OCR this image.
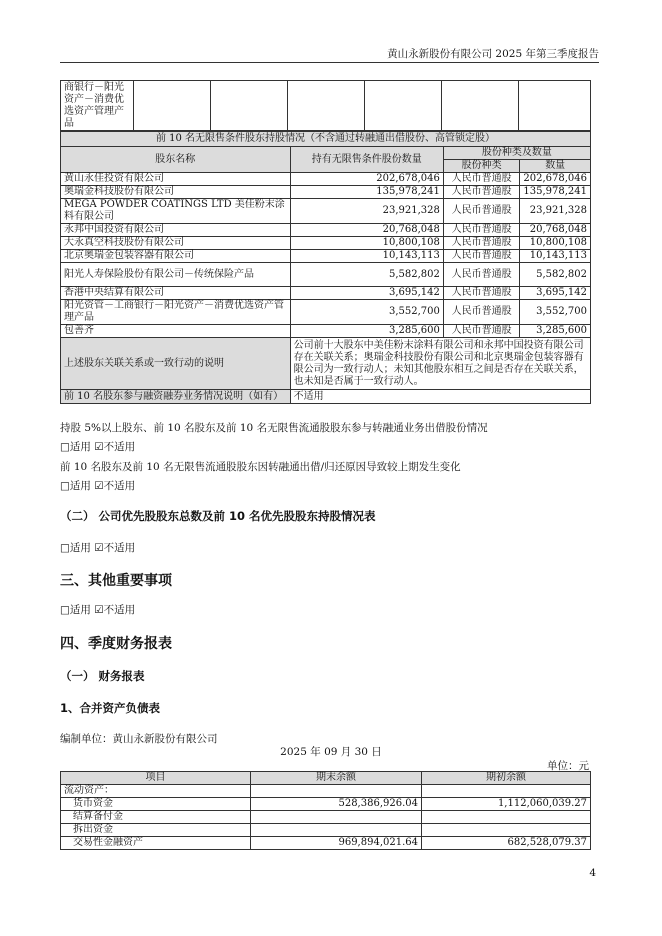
黄山永新股份有限公司 2025 年第三季度报告
商银行－阳光资产－消费优选资产管理产品						
前 10 名无限售条件股东持股情况（不含通过转融通出借股份、高管锁定股）			
股东名称	持有无限售条件股份数量	股份种类及数量	
		股份种类	数量
黄山永佳投资有限公司	202,678,046	人民币普通股	202,678,046
奥瑞金科技股份有限公司	135,978,241	人民币普通股	135,978,241
MEGA POWDER COATINGS LTD 美佳粉末涂料有限公司	23,921,328	人民币普通股	23,921,328
永邦中国投资有限公司	20,768,048	人民币普通股	20,768,048
大永真空科技股份有限公司	10,800,108	人民币普通股	10,800,108
北京奥瑞金包装容器有限公司	10,143,113	人民币普通股	10,143,113
阳光人寿保险股份有限公司－传统保险产品	5,582,802	人民币普通股	5,582,802
香港中央结算有限公司	3,695,142	人民币普通股	3,695,142
阳光资管－工商银行－阳光资产－消费优选资产管理产品	3,552,700	人民币普通股	3,552,700
包善齐	3,285,600	人民币普通股	3,285,600
上述股东关联关系或一致行动的说明	公司前十大股东中美佳粉末涂料有限公司和永邦中国投资有限公司存在关联关系；奥瑞金科技股份有限公司和北京奥瑞金包装容器有限公司为一致行动人；未知其他股东相互之间是否存在关联关系，也未知是否属于一致行动人。		
前 10 名股东参与融资融券业务情况说明（如有）	不适用		
持股 5%以上股东、前 10 名股东及前 10 名无限售流通股股东参与转融通业务出借股份情况
□适用 ☑不适用
前 10 名股东及前 10 名无限售流通股股东因转融通出借/归还原因导致较上期发生变化
□适用 ☑不适用
（二） 公司优先股股东总数及前 10 名优先股股东持股情况表
□适用 ☑不适用
三、其他重要事项
□适用 ☑不适用
四、季度财务报表
（一） 财务报表
1、合并资产负债表
编制单位：黄山永新股份有限公司
2025 年 09 月 30 日
单位：元
项目	期末余额	期初余额
流动资产：		
货币资金	528,386,926.04	1,112,060,039.27
结算备付金		
拆出资金		
交易性金融资产	969,894,021.64	682,528,079.37
4
